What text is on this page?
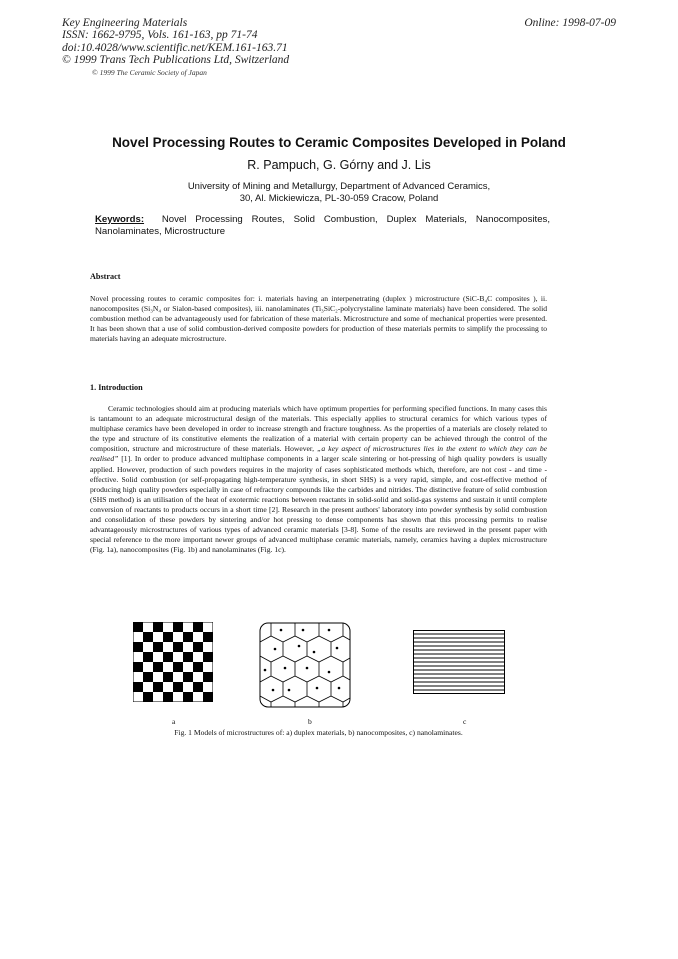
Key Engineering Materials
ISSN: 1662-9795, Vols. 161-163, pp 71-74
doi:10.4028/www.scientific.net/KEM.161-163.71
© 1999 Trans Tech Publications Ltd, Switzerland
Online: 1998-07-09
© 1999 The Ceramic Society of Japan
Novel Processing Routes to Ceramic Composites Developed in Poland
R. Pampuch, G. Górny and J. Lis
University of Mining and Metallurgy, Department of Advanced Ceramics,
30, Al. Mickiewicza, PL-30-059 Cracow, Poland
Keywords: Novel Processing Routes, Solid Combustion, Duplex Materials, Nanocomposites, Nanolaminates, Microstructure
Abstract

Novel processing routes to ceramic composites for: i. materials having an interpenetrating (duplex ) microstructure (SiC-B₄C composites ), ii. nanocomposites (Si₃N₄ or Sialon-based composites), iii. nanolaminates (Ti₃SiC₂-polycrystaline laminate materials) have been considered. The solid combustion method can be advantageously used for fabrication of these materials. Microstructure and some of mechanical properties were presented. It has been shown that a use of solid combustion-derived composite powders for production of these materials permits to simplify the processing to materials having an adequate microstructure.

1. Introduction

Ceramic technologies should aim at producing materials which have optimum properties for performing specified functions. In many cases this is tantamount to an adequate microstructural design of the materials. This especially applies to structural ceramics for which various types of multiphase ceramics have been developed in order to increase strength and fracture toughness. As the properties of a materials are closely related to the type and structure of its constitutive elements the realization of a material with certain property can be achieved through the control of the composition, structure and microstructure of these materials. However, „a key aspect of microstructures lies in the extent to which they can be realised” [1]. In order to produce advanced multiphase components in a larger scale sintering or hot-pressing of high quality powders is usually applied. However, production of such powders requires in the majority of cases sophisticated methods which, therefore, are not cost - and time - effective. Solid combustion (or self-propagating high-temperature synthesis, in short SHS) is a very rapid, simple, and cost-effective method of producing high quality powders especially in case of refractory compounds like the carbides and nitrides. The distinctive feature of solid combustion (SHS method) is an utilisation of the heat of exotermic reactions between reactants in solid-solid and solid-gas systems and sustain it until complete conversion of reactants to products occurs in a short time [2]. Research in the present authors' laboratory into powder synthesis by solid combustion and consolidation of these powders by sintering and/or hot pressing to dense components has shown that this processing permits to realise advantageously microstructures of various types of advanced ceramic materials [3-8]. Some of the results are reviewed in the present paper with special reference to the more important newer groups of advanced multiphase ceramic materials, namely, ceramics having a duplex microstructure (Fig. 1a), nanocomposites (Fig. 1b) and nanolaminates (Fig. 1c).

a	b	c
Fig. 1 Models of microstructures of: a) duplex materials, b) nanocomposites, c) nanolaminates.
